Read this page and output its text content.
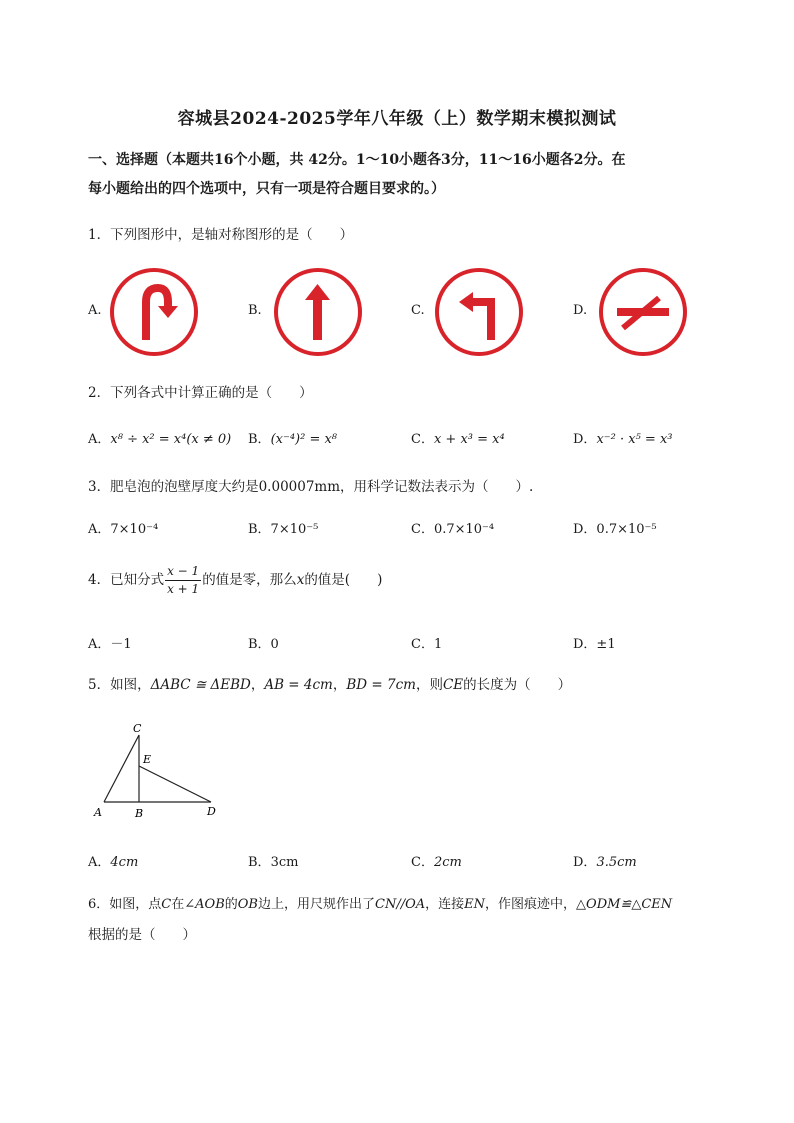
容城县2024-2025学年八年级（上）数学期末模拟测试
一、选择题（本题共16个小题，共 42分。1～10小题各3分，11～16小题各2分。在
每小题给出的四个选项中，只有一项是符合题目要求的。）
1．下列图形中，是轴对称图形的是（　　）
A.	B.	C.	D.
2．下列各式中计算正确的是（　　）
A．x⁸ ÷ x² = x⁴(x ≠ 0) B．(x⁻⁴)² = x⁸	C．x + x³ = x⁴	D．x⁻² · x⁵ = x³
3．肥皂泡的泡壁厚度大约是0.00007mm，用科学记数法表示为（　　）.
A．7×10⁻⁴	B．7×10⁻⁵	C．0.7×10⁻⁴	D．0.7×10⁻⁵
4．已知分式 $\frac{x - 1}{x + 1}$ 的值是零，那么x的值是(　　)
A．－1	B．0	C．1	D．±1
5．如图，ΔABC ≅ ΔEBD，AB = 4cm，BD = 7cm，则CE的长度为（　　）
C
E
A	B	D
A．4cm	B．3cm	C．2cm	D．3.5cm
6．如图，点C在∠AOB的OB边上，用尺规作出了CN//OA，连接EN，作图痕迹中，△ODM≌△CEN
根据的是（　　）
